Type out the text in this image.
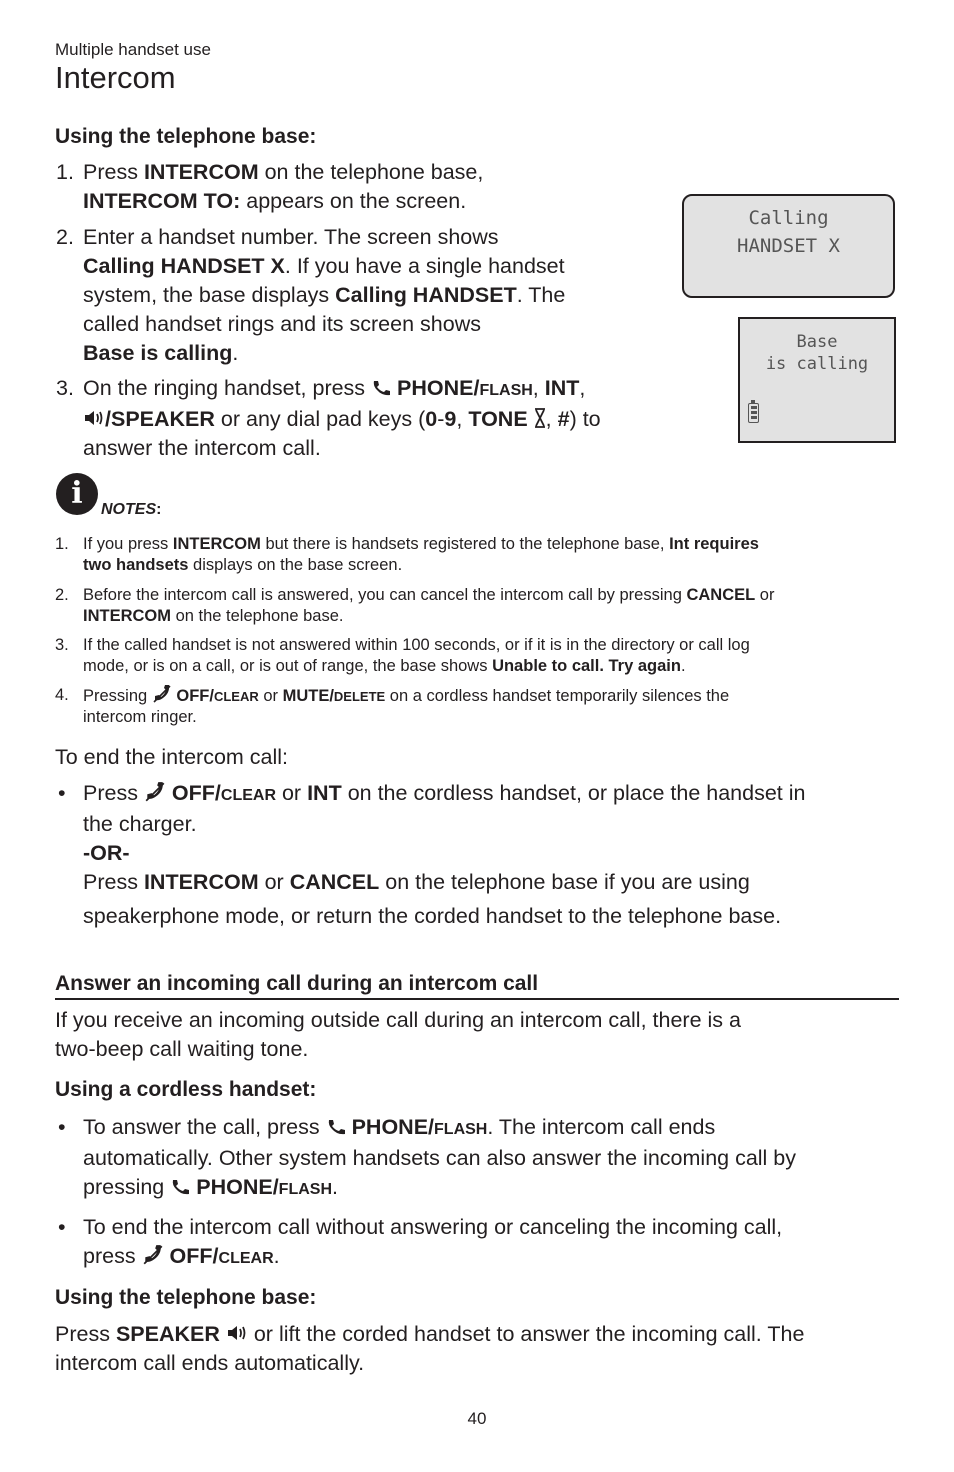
Multiple handset use
Intercom
Using the telephone base:
1. Press INTERCOM on the telephone base,
INTERCOM TO: appears on the screen.
2. Enter a handset number. The screen shows
Calling HANDSET X. If you have a single handset
system, the base displays Calling HANDSET. The
called handset rings and its screen shows
Base is calling.
3. On the ringing handset, press  PHONE/FLASH, INT,
/SPEAKER or any dial pad keys (0-9, TONE , #) to
answer the intercom call.
Calling
HANDSET X
Base
is calling
i	NOTES:
1. If you press INTERCOM but there is handsets registered to the telephone base, Int requires
two handsets displays on the base screen.
2. Before the intercom call is answered, you can cancel the intercom call by pressing CANCEL or
INTERCOM on the telephone base.
3. If the called handset is not answered within 100 seconds, or if it is in the directory or call log
mode, or is on a call, or is out of range, the base shows Unable to call. Try again.
4. Pressing  OFF/CLEAR or MUTE/DELETE on a cordless handset temporarily silences the
intercom ringer.
To end the intercom call:
• Press  OFF/CLEAR or INT on the cordless handset, or place the handset in
the charger.
-OR-
Press INTERCOM or CANCEL on the telephone base if you are using
speakerphone mode, or return the corded handset to the telephone base.
Answer an incoming call during an intercom call
If you receive an incoming outside call during an intercom call, there is a
two-beep call waiting tone.
Using a cordless handset:
• To answer the call, press  PHONE/FLASH. The intercom call ends
automatically. Other system handsets can also answer the incoming call by
pressing  PHONE/FLASH.
• To end the intercom call without answering or canceling the incoming call,
press  OFF/CLEAR.
Using the telephone base:
Press SPEAKER  or lift the corded handset to answer the incoming call. The
intercom call ends automatically.
40
